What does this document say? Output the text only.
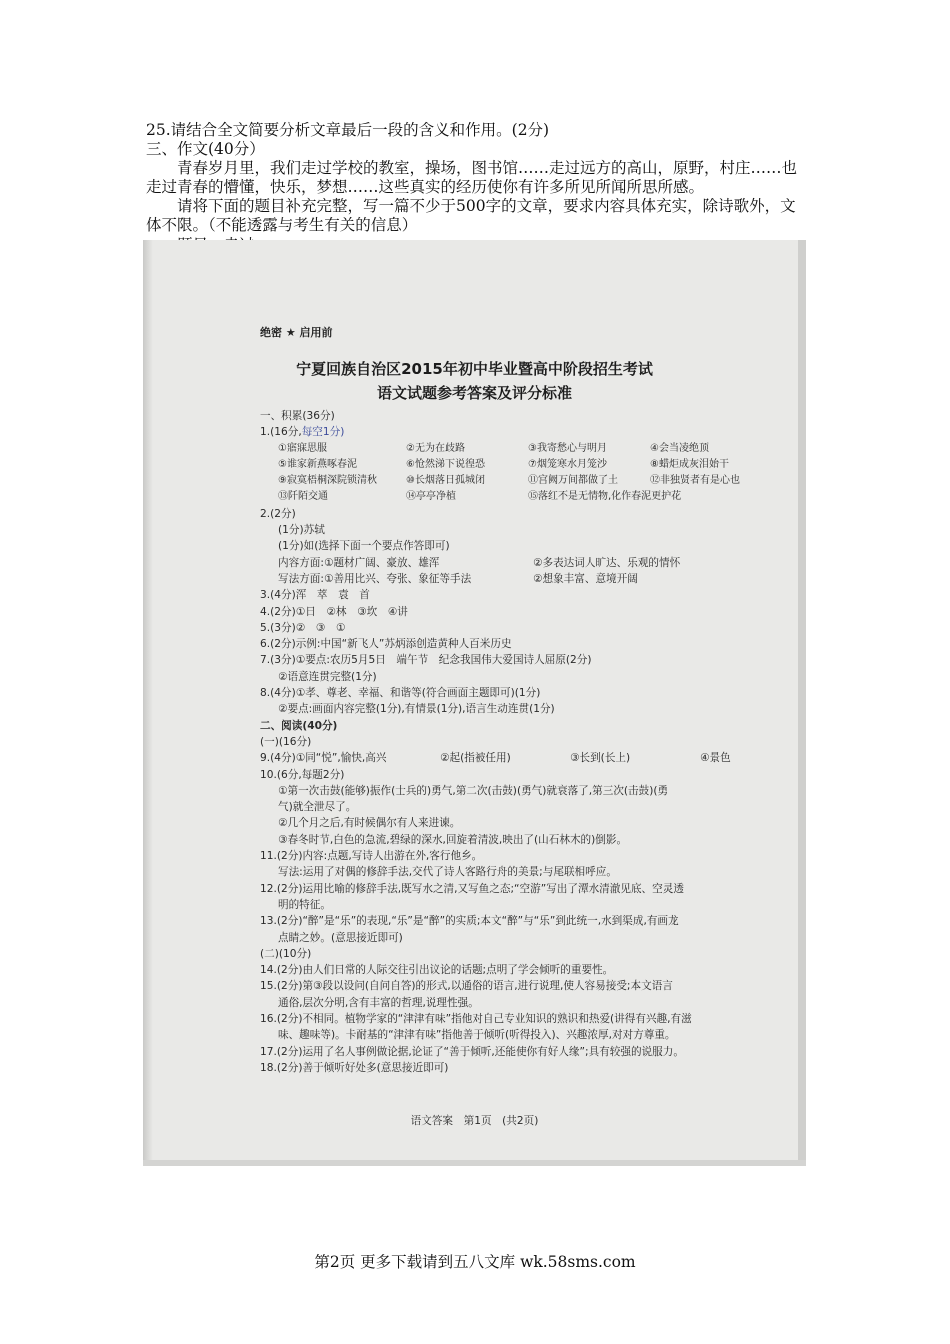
25.请结合全文简要分析文章最后一段的含义和作用。(2分)

三、作文(40分）

青春岁月里，我们走过学校的教室，操场，图书馆……走过远方的高山，原野，村庄……也走过青春的懵懂，快乐，梦想……这些真实的经历使你有许多所见所闻所思所感。

请将下面的题目补充完整，写一篇不少于500字的文章，要求内容具体充实，除诗歌外，文体不限。（不能透露与考生有关的信息）

绝密 ★ 启用前
宁夏回族自治区2015年初中毕业暨高中阶段招生考试
语文试题参考答案及评分标准
一、积累(36分)
1.(16分,每空1分)
①寤寐思服	②无为在歧路	③我寄愁心与明月	④会当凌绝顶
⑤谁家新燕啄春泥	⑥怆然涕下说徨恐	⑦烟笼寒水月笼沙	⑧蜡炬成灰泪始干
⑨寂寞梧桐深院锁清秋	⑩长烟落日孤城闭	⑪宫阙万间都做了土	⑫非独贤者有是心也
⑬阡陌交通	⑭亭亭净植	⑮落红不是无情物,化作春泥更护花
2.(2分)
(1分)苏轼
(1分)如(选择下面一个要点作答即可)
内容方面:①题材广阔、豪放、雄浑	②多表达词人旷达、乐观的情怀
写法方面:①善用比兴、夸张、象征等手法	②想象丰富、意境开阔
3.(4分)浑　萃　袁　首
4.(2分)①日　②林　③坎　④讲
5.(3分)②　③　①
6.(2分)示例:中国“新飞人”苏炳添创造黄种人百米历史
7.(3分)①要点:农历5月5日　端午节　纪念我国伟大爱国诗人屈原(2分)
②语意连贯完整(1分)
8.(4分)①孝、尊老、幸福、和谐等(符合画面主题即可)(1分)
②要点:画面内容完整(1分),有情景(1分),语言生动连贯(1分)
二、阅读(40分)
(一)(16分)
9.(4分)①同“悦”,愉快,高兴	②起(指被任用)	③长到(长上)	④景色
10.(6分,每题2分)
①第一次击鼓(能够)振作(士兵的)勇气,第二次(击鼓)(勇气)就衰落了,第三次(击鼓)(勇
气)就全泄尽了。
②几个月之后,有时候偶尔有人来进谏。
③春冬时节,白色的急流,碧绿的深水,回旋着清波,映出了(山石林木的)倒影。
11.(2分)内容:点题,写诗人出游在外,客行他乡。
写法:运用了对偶的修辞手法,交代了诗人客路行舟的美景;与尾联相呼应。
12.(2分)运用比喻的修辞手法,既写水之清,又写鱼之态;“空游”写出了潭水清澈见底、空灵透
明的特征。
13.(2分)“醉”是“乐”的表现,“乐”是“醉”的实质;本文“醉”与“乐”到此统一,水到渠成,有画龙
点睛之妙。(意思接近即可)
(二)(10分)
14.(2分)由人们日常的人际交往引出议论的话题;点明了学会倾听的重要性。
15.(2分)第③段以设问(自问自答)的形式,以通俗的语言,进行说理,使人容易接受;本文语言
通俗,层次分明,含有丰富的哲理,说理性强。
16.(2分)不相同。植物学家的“津津有味”指他对自己专业知识的熟识和热爱(讲得有兴趣,有滋
味、趣味等)。卡耐基的“津津有味”指他善于倾听(听得投入)、兴趣浓厚,对对方尊重。
17.(2分)运用了名人事例做论据,论证了“善于倾听,还能使你有好人缘”;具有较强的说服力。
18.(2分)善于倾听好处多(意思接近即可)
语文答案　第1页　(共2页)
第2页 更多下载请到五八文库 wk.58sms.com
